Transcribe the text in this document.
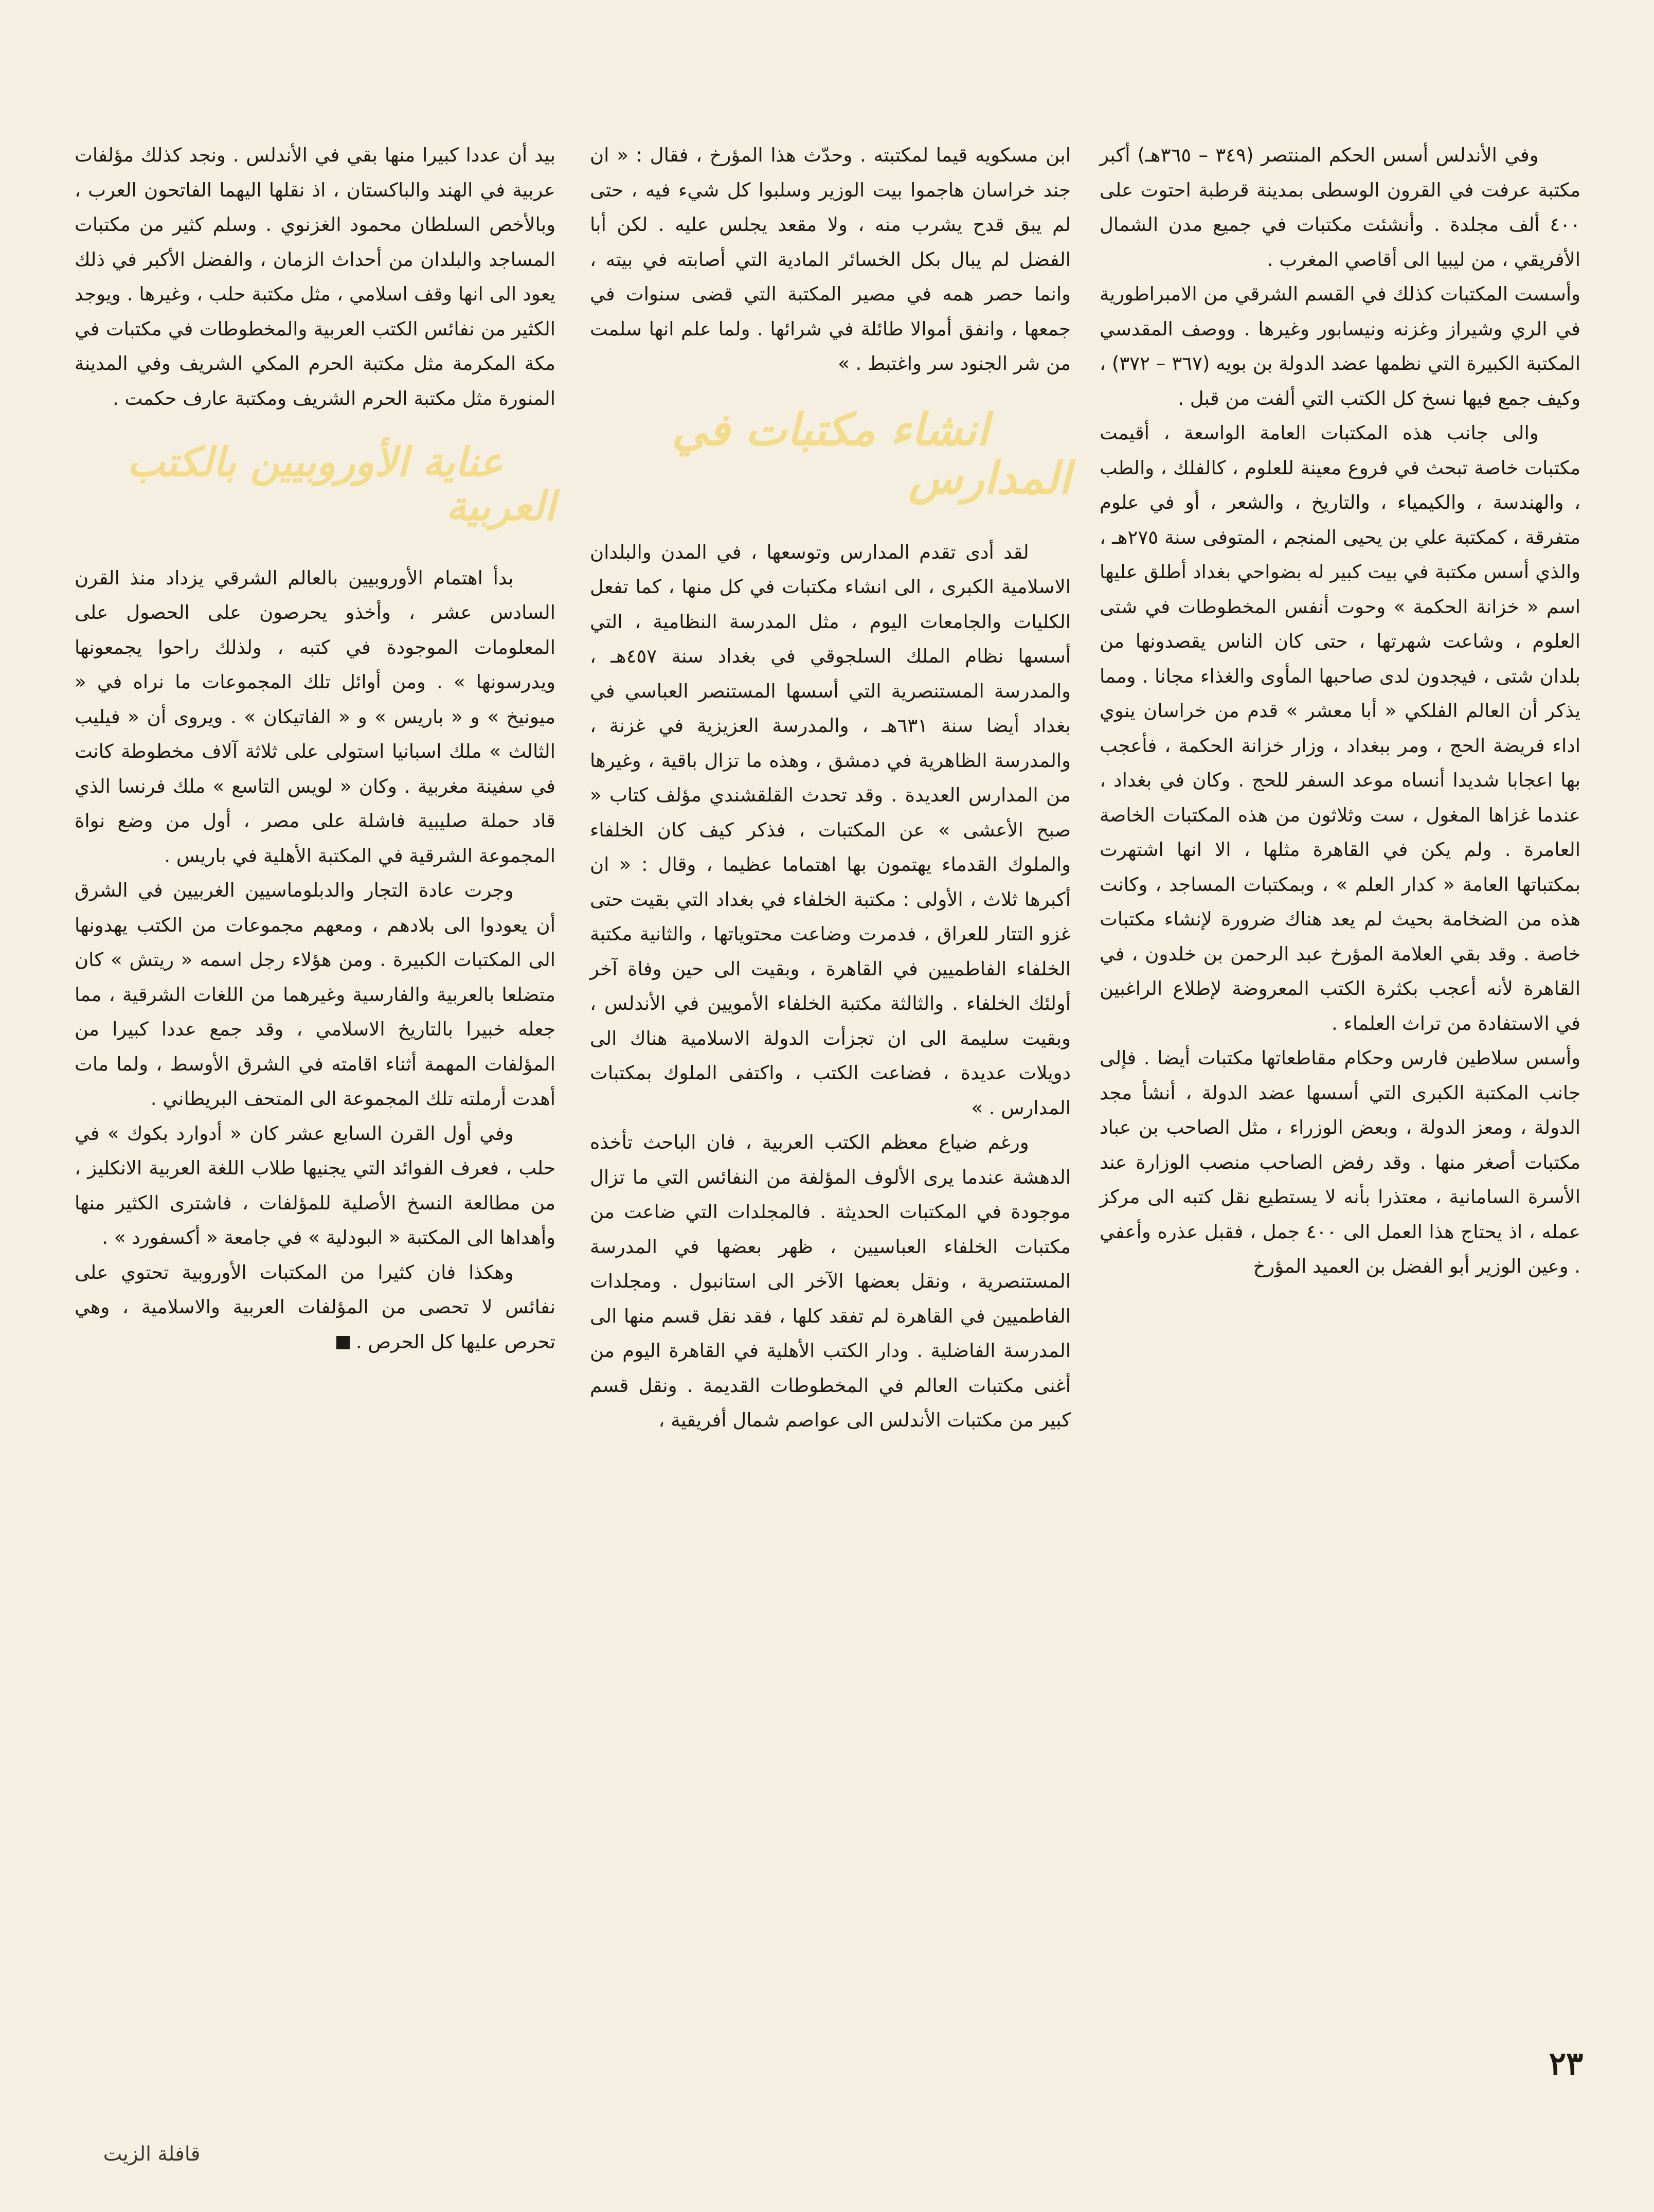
وفي الأندلس أسس الحكم المنتصر (٣٤٩ – ٣٦٥هـ) أكبر مكتبة عرفت في القرون الوسطى بمدينة قرطبة احتوت على ٤٠٠ ألف مجلدة . وأنشئت مكتبات في جميع مدن الشمال الأفريقي ، من ليبيا الى أقاصي المغرب .

وأسست المكتبات كذلك في القسم الشرقي من الامبراطورية في الري وشيراز وغزنه ونيسابور وغيرها . ووصف المقدسي المكتبة الكبيرة التي نظمها عضد الدولة بن بويه (٣٦٧ – ٣٧٢) ، وكيف جمع فيها نسخ كل الكتب التي ألفت من قبل .

والى جانب هذه المكتبات العامة الواسعة ، أقيمت مكتبات خاصة تبحث في فروع معينة للعلوم ، كالفلك ، والطب ، والهندسة ، والكيمياء ، والتاريخ ، والشعر ، أو في علوم متفرقة ، كمكتبة علي بن يحيى المنجم ، المتوفى سنة ٢٧٥هـ ، والذي أسس مكتبة في بيت كبير له بضواحي بغداد أطلق عليها اسم « خزانة الحكمة » وحوت أنفس المخطوطات في شتى العلوم ، وشاعت شهرتها ، حتى كان الناس يقصدونها من بلدان شتى ، فيجدون لدى صاحبها المأوى والغذاء مجانا . ومما يذكر أن العالم الفلكي « أبا معشر » قدم من خراسان ينوي اداء فريضة الحج ، ومر ببغداد ، وزار خزانة الحكمة ، فأعجب بها اعجابا شديدا أنساه موعد السفر للحج . وكان في بغداد ، عندما غزاها المغول ، ست وثلاثون من هذه المكتبات الخاصة العامرة . ولم يكن في القاهرة مثلها ، الا انها اشتهرت بمكتباتها العامة « كدار العلم » ، وبمكتبات المساجد ، وكانت هذه من الضخامة بحيث لم يعد هناك ضرورة لإنشاء مكتبات خاصة . وقد بقي العلامة المؤرخ عبد الرحمن بن خلدون ، في القاهرة لأنه أعجب بكثرة الكتب المعروضة لإطلاع الراغبين في الاستفادة من تراث العلماء .

وأسس سلاطين فارس وحكام مقاطعاتها مكتبات أيضا . فإلى جانب المكتبة الكبرى التي أسسها عضد الدولة ، أنشأ مجد الدولة ، ومعز الدولة ، وبعض الوزراء ، مثل الصاحب بن عباد مكتبات أصغر منها . وقد رفض الصاحب منصب الوزارة عند الأسرة السامانية ، معتذرا بأنه لا يستطيع نقل كتبه الى مركز عمله ، اذ يحتاج هذا العمل الى ٤٠٠ جمل ، فقبل عذره وأعفي . وعين الوزير أبو الفضل بن العميد المؤرخ

ابن مسكويه قيما لمكتبته . وحدّث هذا المؤرخ ، فقال : « ان جند خراسان هاجموا بيت الوزير وسلبوا كل شيء فيه ، حتى لم يبق قدح يشرب منه ، ولا مقعد يجلس عليه . لكن أبا الفضل لم يبال بكل الخسائر المادية التي أصابته في بيته ، وانما حصر همه في مصير المكتبة التي قضى سنوات في جمعها ، وانفق أموالا طائلة في شرائها . ولما علم انها سلمت من شر الجنود سر واغتبط . »

انشاء مكتبات في المدارس

لقد أدى تقدم المدارس وتوسعها ، في المدن والبلدان الاسلامية الكبرى ، الى انشاء مكتبات في كل منها ، كما تفعل الكليات والجامعات اليوم ، مثل المدرسة النظامية ، التي أسسها نظام الملك السلجوقي في بغداد سنة ٤٥٧هـ ، والمدرسة المستنصرية التي أسسها المستنصر العباسي في بغداد أيضا سنة ٦٣١هـ ، والمدرسة العزيزية في غزنة ، والمدرسة الظاهرية في دمشق ، وهذه ما تزال باقية ، وغيرها من المدارس العديدة . وقد تحدث القلقشندي مؤلف كتاب « صبح الأعشى » عن المكتبات ، فذكر كيف كان الخلفاء والملوك القدماء يهتمون بها اهتماما عظيما ، وقال : « ان أكبرها ثلاث ، الأولى : مكتبة الخلفاء في بغداد التي بقيت حتى غزو التتار للعراق ، فدمرت وضاعت محتوياتها ، والثانية مكتبة الخلفاء الفاطميين في القاهرة ، وبقيت الى حين وفاة آخر أولئك الخلفاء . والثالثة مكتبة الخلفاء الأمويين في الأندلس ، وبقيت سليمة الى ان تجزأت الدولة الاسلامية هناك الى دويلات عديدة ، فضاعت الكتب ، واكتفى الملوك بمكتبات المدارس . »

ورغم ضياع معظم الكتب العربية ، فان الباحث تأخذه الدهشة عندما يرى الألوف المؤلفة من النفائس التي ما تزال موجودة في المكتبات الحديثة . فالمجلدات التي ضاعت من مكتبات الخلفاء العباسيين ، ظهر بعضها في المدرسة المستنصرية ، ونقل بعضها الآخر الى استانبول . ومجلدات الفاطميين في القاهرة لم تفقد كلها ، فقد نقل قسم منها الى المدرسة الفاضلية . ودار الكتب الأهلية في القاهرة اليوم من أغنى مكتبات العالم في المخطوطات القديمة . ونقل قسم كبير من مكتبات الأندلس الى عواصم شمال أفريقية ،

بيد أن عددا كبيرا منها بقي في الأندلس . ونجد كذلك مؤلفات عربية في الهند والباكستان ، اذ نقلها اليهما الفاتحون العرب ، وبالأخص السلطان محمود الغزنوي . وسلم كثير من مكتبات المساجد والبلدان من أحداث الزمان ، والفضل الأكبر في ذلك يعود الى انها وقف اسلامي ، مثل مكتبة حلب ، وغيرها . ويوجد الكثير من نفائس الكتب العربية والمخطوطات في مكتبات في مكة المكرمة مثل مكتبة الحرم المكي الشريف وفي المدينة المنورة مثل مكتبة الحرم الشريف ومكتبة عارف حكمت .

عناية الأوروبيين بالكتب العربية

بدأ اهتمام الأوروبيين بالعالم الشرقي يزداد منذ القرن السادس عشر ، وأخذو يحرصون على الحصول على المعلومات الموجودة في كتبه ، ولذلك راحوا يجمعونها ويدرسونها » . ومن أوائل تلك المجموعات ما نراه في « ميونيخ » و « باريس » و « الفاتيكان » . ويروى أن « فيليب الثالث » ملك اسبانيا استولى على ثلاثة آلاف مخطوطة كانت في سفينة مغربية . وكان « لويس التاسع » ملك فرنسا الذي قاد حملة صليبية فاشلة على مصر ، أول من وضع نواة المجموعة الشرقية في المكتبة الأهلية في باريس .

وجرت عادة التجار والدبلوماسيين الغربيين في الشرق أن يعودوا الى بلادهم ، ومعهم مجموعات من الكتب يهدونها الى المكتبات الكبيرة . ومن هؤلاء رجل اسمه « ريتش » كان متضلعا بالعربية والفارسية وغيرهما من اللغات الشرقية ، مما جعله خبيرا بالتاريخ الاسلامي ، وقد جمع عددا كبيرا من المؤلفات المهمة أثناء اقامته في الشرق الأوسط ، ولما مات أهدت أرملته تلك المجموعة الى المتحف البريطاني .

وفي أول القرن السابع عشر كان « أدوارد بكوك » في حلب ، فعرف الفوائد التي يجنيها طلاب اللغة العربية الانكليز ، من مطالعة النسخ الأصلية للمؤلفات ، فاشترى الكثير منها وأهداها الى المكتبة « البودلية » في جامعة « أكسفورد » .

وهكذا فان كثيرا من المكتبات الأوروبية تحتوي على نفائس لا تحصى من المؤلفات العربية والاسلامية ، وهي تحرص عليها كل الحرص .

٢٣
قافلة الزيت
